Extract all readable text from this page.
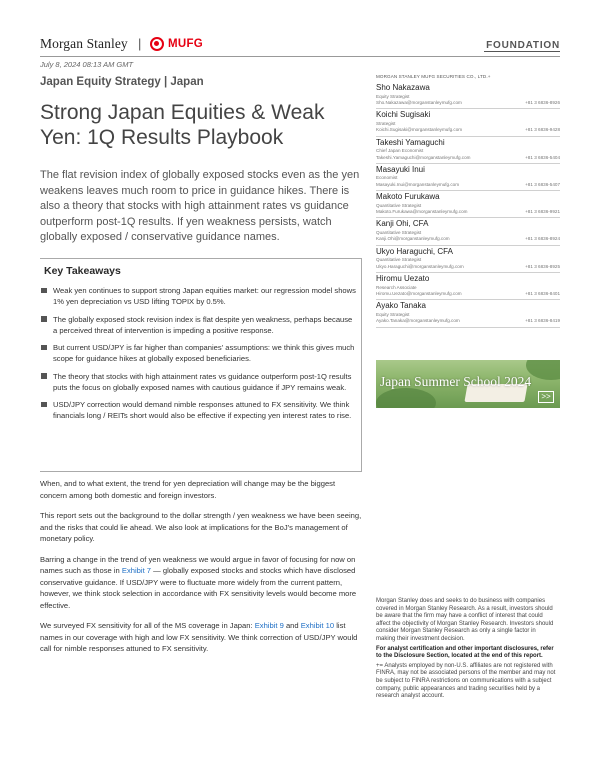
Morgan Stanley | MUFG	FOUNDATION
July 8, 2024 08:13 AM GMT
Japan Equity Strategy | Japan
Strong Japan Equities & Weak Yen: 1Q Results Playbook
The flat revision index of globally exposed stocks even as the yen weakens leaves much room to price in guidance hikes. There is also a theory that stocks with high attainment rates vs guidance outperform post-1Q results. If yen weakness persists, watch globally exposed / conservative guidance names.
Key Takeaways
Weak yen continues to support strong Japan equities market: our regression model shows 1% yen depreciation vs USD lifting TOPIX by 0.5%.
The globally exposed stock revision index is flat despite yen weakness, perhaps because a perceived threat of intervention is impeding a positive response.
But current USD/JPY is far higher than companies' assumptions: we think this gives much scope for guidance hikes at globally exposed beneficiaries.
The theory that stocks with high attainment rates vs guidance outperform post-1Q results puts the focus on globally exposed names with cautious guidance if JPY remains weak.
USD/JPY correction would demand nimble responses attuned to FX sensitivity. We think financials long / REITs short would also be effective if expecting yen interest rates to rise.

When, and to what extent, the trend for yen depreciation will change may be the biggest concern among both domestic and foreign investors.

This report sets out the background to the dollar strength / yen weakness we have been seeing, and the risks that could lie ahead. We also look at implications for the BoJ's management of monetary policy.

Barring a change in the trend of yen weakness we would argue in favor of focusing for now on names such as those in Exhibit 7 — globally exposed stocks and stocks which have disclosed conservative guidance. If USD/JPY were to fluctuate more widely from the current pattern, however, we think stock selection in accordance with FX sensitivity levels would become more effective.

We surveyed FX sensitivity for all of the MS coverage in Japan: Exhibit 9 and Exhibit 10 list names in our coverage with high and low FX sensitivity. We think correction of USD/JPY would call for nimble responses attuned to FX sensitivity.

MORGAN STANLEY MUFG SECURITIES CO., LTD.+
Sho Nakazawa
Equity Strategist
Sho.Nakazawa@morganstanleymufg.com	+81 3 6836-8926
Koichi Sugisaki
Strategist
Koichi.Sugisaki@morganstanleymufg.com	+81 3 6836-9428
Takeshi Yamaguchi
Chief Japan Economist
Takeshi.Yamaguchi@morganstanleymufg.com	+81 3 6836-5404
Masayuki Inui
Economist
Masayuki.Inui@morganstanleymufg.com	+81 3 6836-5407
Makoto Furukawa
Quantitative Strategist
Makoto.Furukawa@morganstanleymufg.com	+81 3 6836-9921
Kanji Ohi, CFA
Quantitative Strategist
Kanji.Ohi@morganstanleymufg.com	+81 3 6836-8924
Ukyo Haraguchi, CFA
Quantitative Strategist
Ukyo.Haraguchi@morganstanleymufg.com	+81 3 6836-8925
Hiromu Uezato
Research Associate
Hiromu.Uezato@morganstanleymufg.com	+81 3 6836-8401
Ayako Tanaka
Equity Strategist
Ayako.Tanaka@morganstanleymufg.com	+81 3 6836-8419
Japan Summer School 2024
>>

Morgan Stanley does and seeks to do business with companies covered in Morgan Stanley Research. As a result, investors should be aware that the firm may have a conflict of interest that could affect the objectivity of Morgan Stanley Research. Investors should consider Morgan Stanley Research as only a single factor in making their investment decision.

For analyst certification and other important disclosures, refer to the Disclosure Section, located at the end of this report.

+= Analysts employed by non-U.S. affiliates are not registered with FINRA, may not be associated persons of the member and may not be subject to FINRA restrictions on communications with a subject company, public appearances and trading securities held by a research analyst account.
